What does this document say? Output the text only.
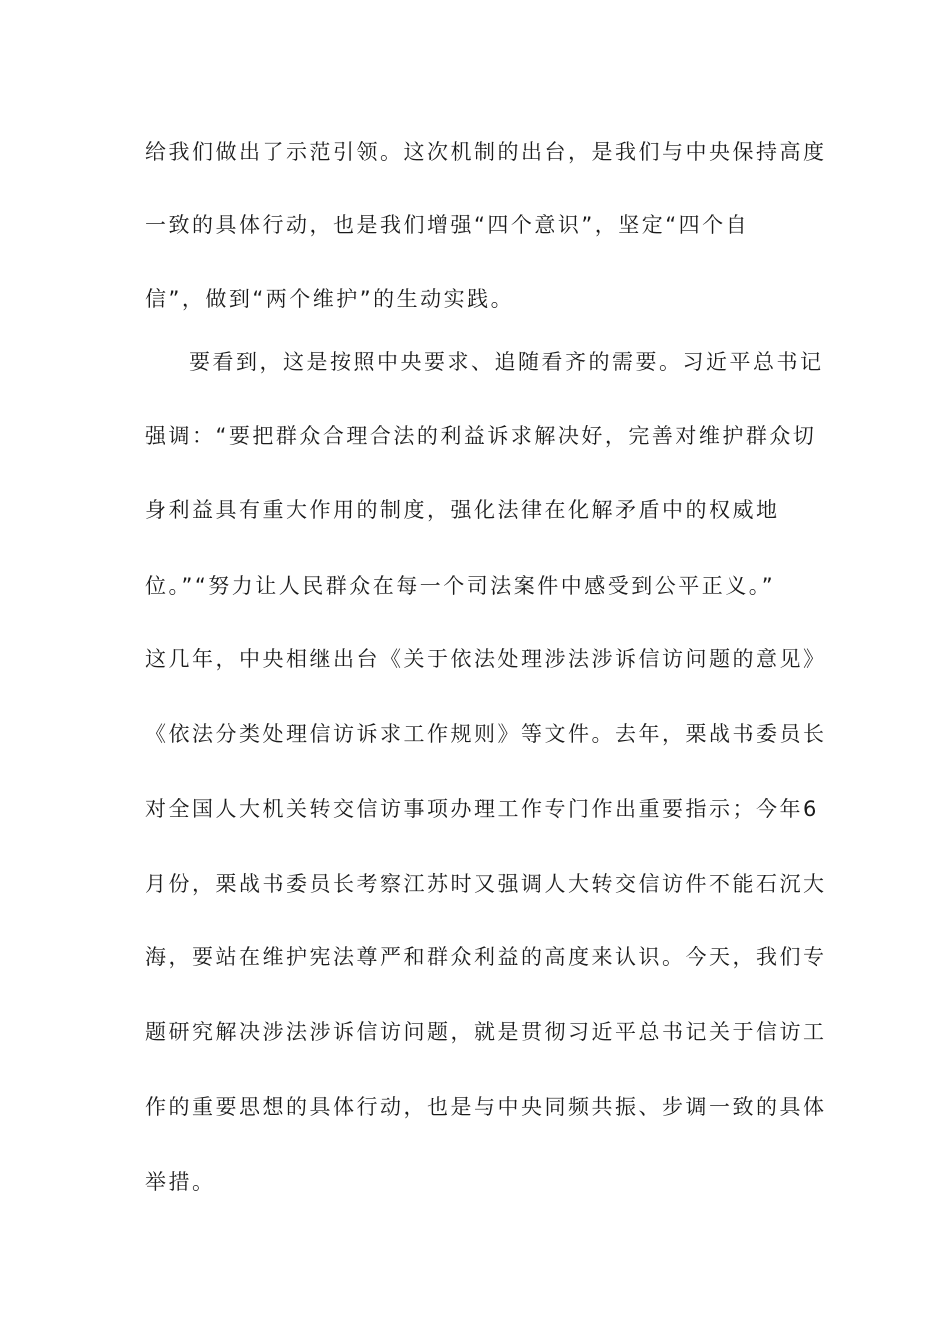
给我们做出了示范引领。这次机制的出台，是我们与中央保持高度
一致的具体行动，也是我们增强“四个意识”，坚定“四个自
信”，做到“两个维护”的生动实践。
要看到，这是按照中央要求、追随看齐的需要。习近平总书记
强调：“要把群众合理合法的利益诉求解决好，完善对维护群众切
身利益具有重大作用的制度，强化法律在化解矛盾中的权威地
位。”“努力让人民群众在每一个司法案件中感受到公平正义。”
这几年，中央相继出台《关于依法处理涉法涉诉信访问题的意见》
《依法分类处理信访诉求工作规则》等文件。去年，栗战书委员长
对全国人大机关转交信访事项办理工作专门作出重要指示；今年6
月份，栗战书委员长考察江苏时又强调人大转交信访件不能石沉大
海，要站在维护宪法尊严和群众利益的高度来认识。今天，我们专
题研究解决涉法涉诉信访问题，就是贯彻习近平总书记关于信访工
作的重要思想的具体行动，也是与中央同频共振、步调一致的具体
举措。
